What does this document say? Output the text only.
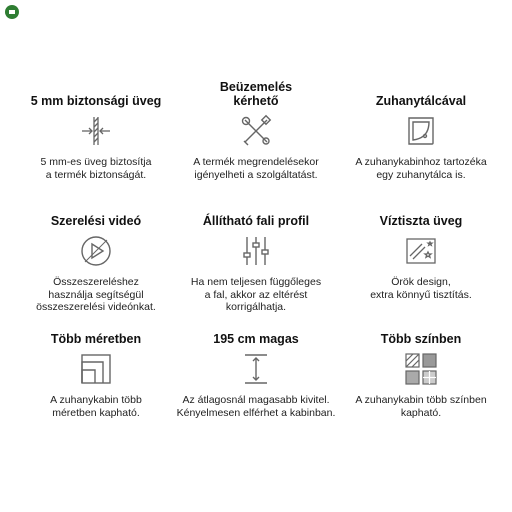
5 mm biztonsági üveg
5 mm-es üveg biztosítja
a termék biztonságát.
Beüzemelés
kérhető
A termék megrendelésekor
igényelheti a szolgáltatást.
Zuhanytálcával
A zuhanykabinhoz tartozéka
egy zuhanytálca is.
Szerelési videó
Összeszereléshez
használja segítségül
összeszerelési videónkat.
Állítható fali profil
Ha nem teljesen függőleges
a fal, akkor az eltérést
korrigálhatja.
Víztiszta üveg
Örök design,
extra könnyű tisztítás.
Több méretben
A zuhanykabin több
méretben kapható.
195 cm magas
Az átlagosnál magasabb kivitel.
Kényelmesen elférhet a kabinban.
Több színben
A zuhanykabin több színben
kapható.
